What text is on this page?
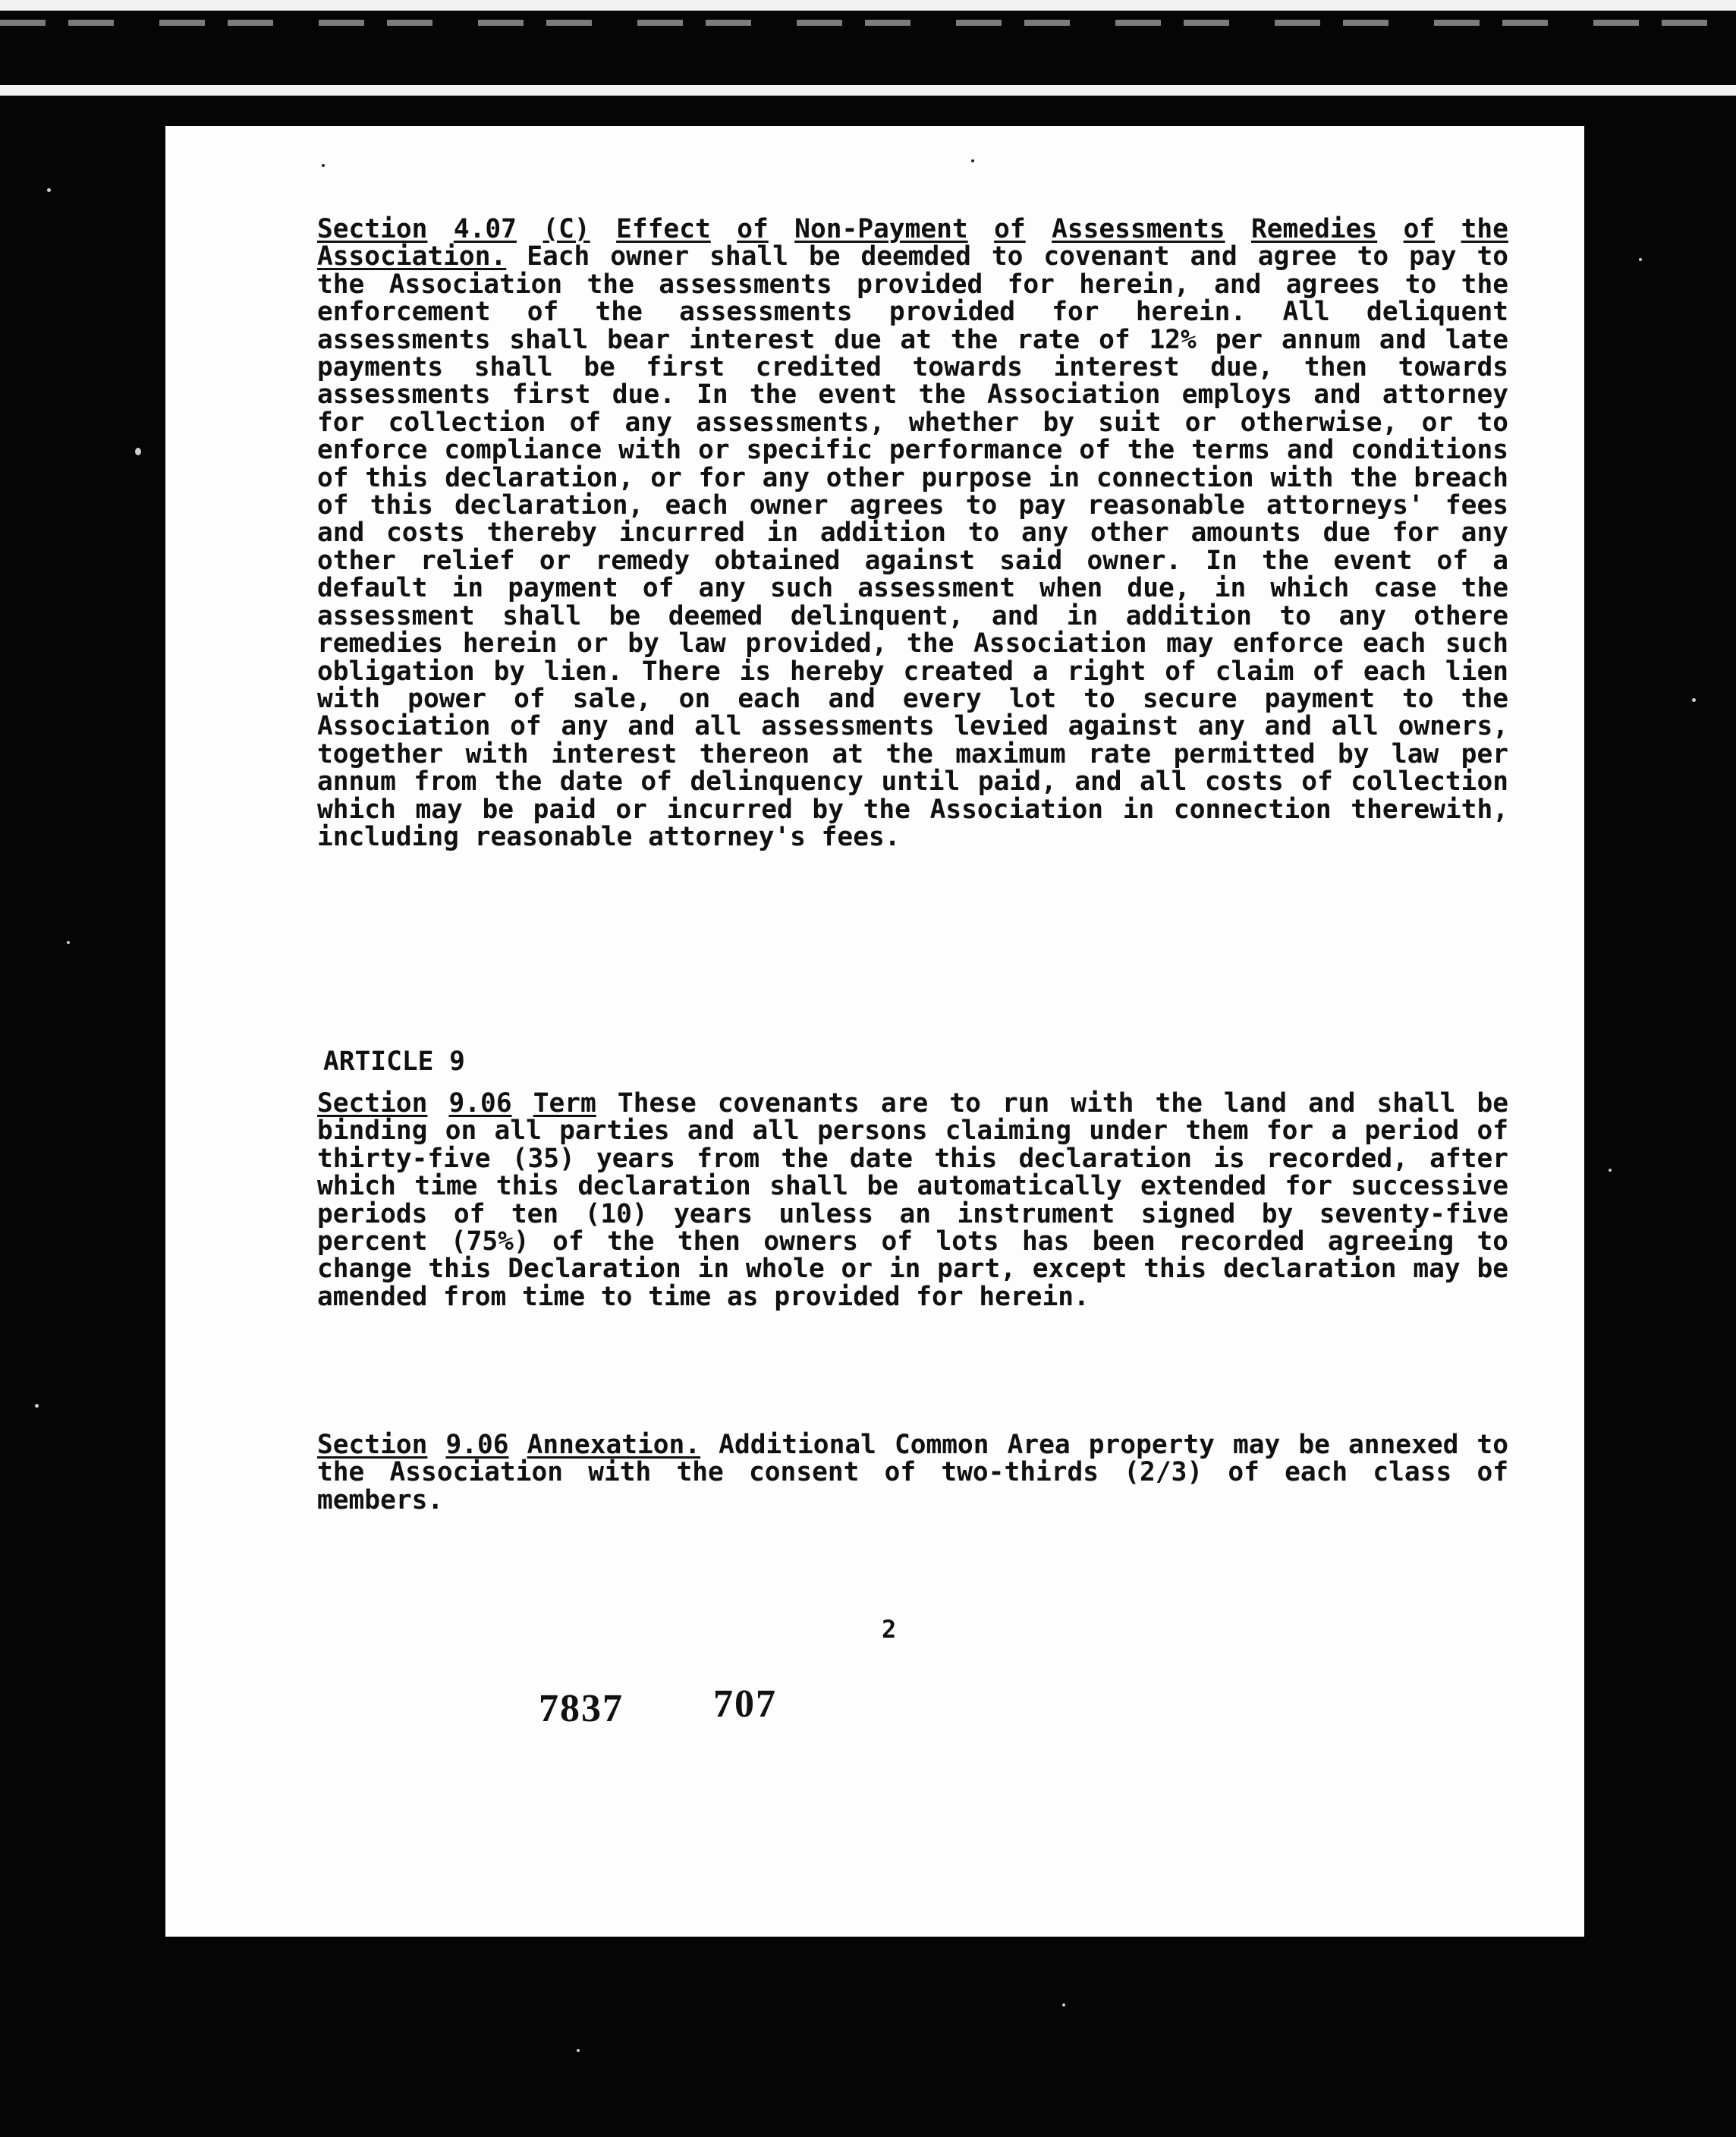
Section 4.07 (C) Effect of Non-Payment of Assessments Remedies of the Association. Each owner shall be deemded to covenant and agree to pay to the Association the assessments provided for herein, and agrees to the enforcement of the assessments provided for herein. All deliquent assessments shall bear interest due at the rate of 12% per annum and late payments shall be first credited towards interest due, then towards assessments first due. In the event the Association employs and attorney for collection of any assessments, whether by suit or otherwise, or to enforce compliance with or specific performance of the terms and conditions of this declaration, or for any other purpose in connection with the breach of this declaration, each owner agrees to pay reasonable attorneys' fees and costs thereby incurred in addition to any other amounts due for any other relief or remedy obtained against said owner. In the event of a default in payment of any such assessment when due, in which case the assessment shall be deemed delinquent, and in addition to any othere remedies herein or by law provided, the Association may enforce each such obligation by lien. There is hereby created a right of claim of each lien with power of sale, on each and every lot to secure payment to the Association of any and all assessments levied against any and all owners, together with interest thereon at the maximum rate permitted by law per annum from the date of delinquency until paid, and all costs of collection which may be paid or incurred by the Association in connection therewith, including reasonable attorney's fees.

ARTICLE 9

Section 9.06 Term These covenants are to run with the land and shall be binding on all parties and all persons claiming under them for a period of thirty-five (35) years from the date this declaration is recorded, after which time this declaration shall be automatically extended for successive periods of ten (10) years unless an instrument signed by seventy-five percent (75%) of the then owners of lots has been recorded agreeing to change this Declaration in whole or in part, except this declaration may be amended from time to time as provided for herein.

Section 9.06 Annexation. Additional Common Area property may be annexed to the Association with the consent of two-thirds (2/3) of each class of members.

2
7837 707
